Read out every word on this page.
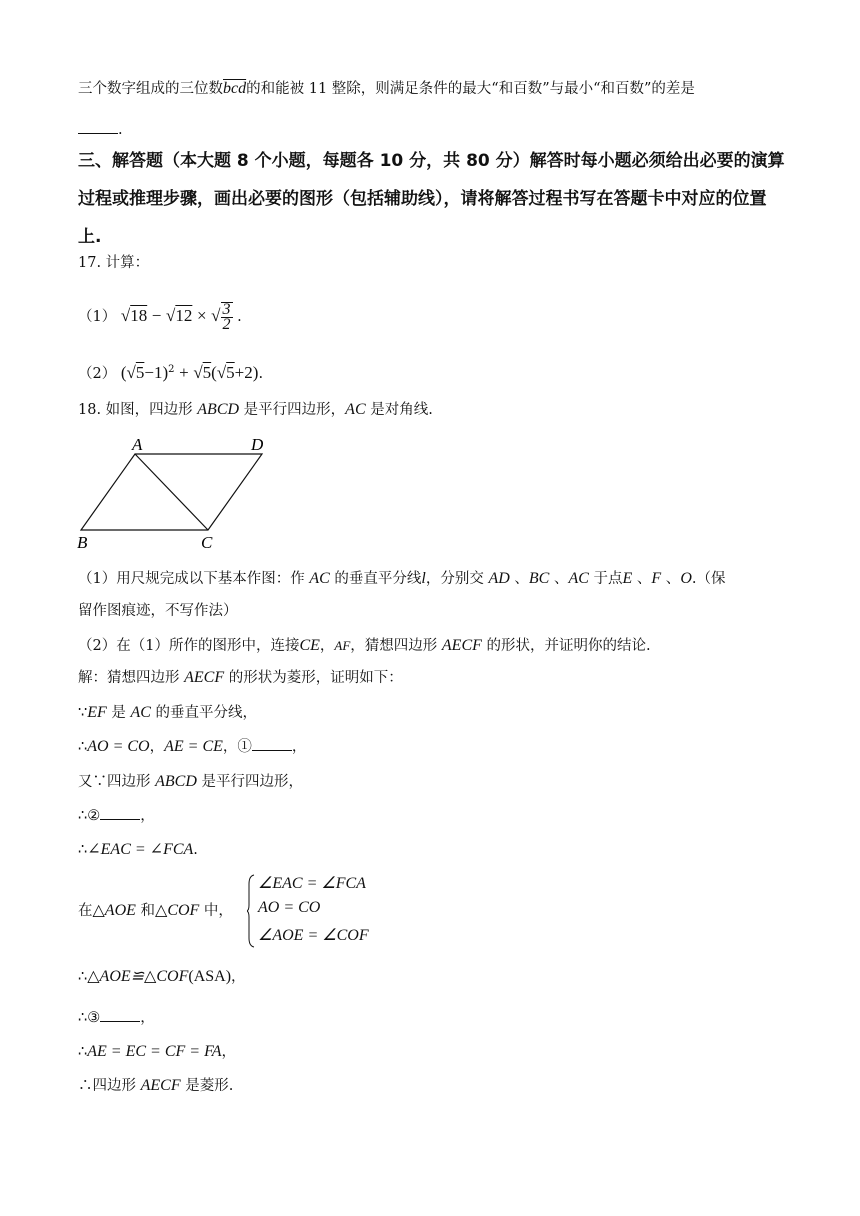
三个数字组成的三位数$\overline{bcd}$的和能被 11 整除，则满足条件的最大“和百数”与最小“和百数”的差是
.
三、解答题（本大题 8 个小题，每题各 10 分，共 80 分）解答时每小题必须给出必要的演算
过程或推理步骤，画出必要的图形（包括辅助线），请将解答过程书写在答题卡 ·中对应的位置
上.
17. 计算：
（1） √18 − √12 × √ $\frac{3}{2}$ .
（2） $(√5-1)^2 + √5(√5+2)$.
18. 如图，四边形 ABCD 是平行四边形，AC 是对角线.
A	D
B	C
（1）用尺规完成以下基本作图：作 AC 的垂直平分线l，分别交 AD 、BC 、AC 于点E 、F 、O.（保
留作图痕迹，不写作法）
（2）在（1）所作的图形中，连接CE，AF，猜想四边形 AECF 的形状，并证明你的结论.
解：猜想四边形 AECF 的形状为菱形，证明如下：
∵EF 是 AC 的垂直平分线，
∴AO = CO，AE = CE，①	，
又∵四边形 ABCD 是平行四边形，
∴②	，
∴∠EAC = ∠FCA.
在△AOE 和△COF 中，
∠EAC = ∠FCA
AO = CO
∠AOE = ∠COF
∴△AOE≌△COF(ASA)，
∴③	，
∴AE = EC = CF = FA，
∴四边形 AECF 是菱形.
